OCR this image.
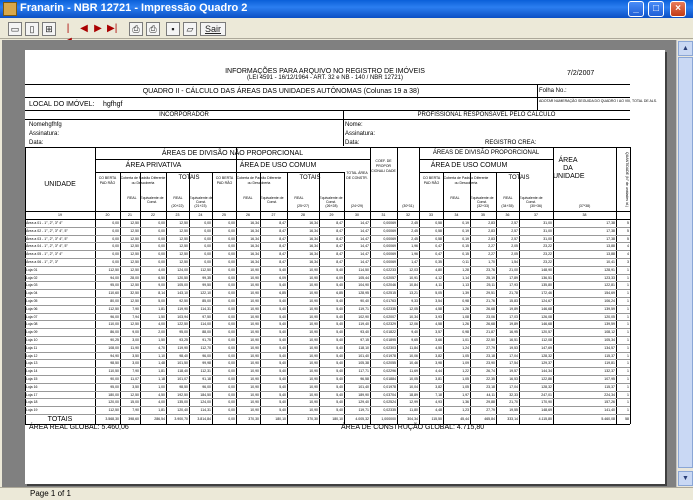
Franarin - NBR 12721 - Impressão Quadro 2	_	□	×
▭	▯	⊞	|	◀ ▶ ▶|	⎙	⎙	▪	▱	Sair
▲
▼
INFORMAÇÕES PARA ARQUIVO NO REGISTRO DE IMÓVEIS
(LEI 4591 - 16/12/1964 - ART. 32 e NB - 140 / NBR 12721)
7/2/2007
QUADRO II - CÁLCULO DAS ÁREAS DAS UNIDADES AUTÔNOMAS (Colunas 19 a 38)	Folha No.:
LOCAL DO IMÓVEL: hgfhgf	ADOTAR NUMERAÇÃO SEGUIDA DO QUADRO I AO VIII, TOTAL DE ALS.
INCORPORADOR	PROFISSIONAL RESPONSÁVEL PELO CÁLCULO
Nome:
hgfhfg
Assinatura:
Data:
Nome:
Assinatura:
Data:	REGISTRO CREA:
ÁREAS DE DIVISÃO NÃO PROPORCIONAL	ÁREAS DE DIVISÃO PROPORCIONAL
UNIDADE
ÁREA PRIVATIVA	ÁREA DE USO COMUM	ÁREA DE USO COMUM
CO BERTA PAD RÃO
Coberta de Padrão Diferente ou Descoberta
TOTAIS	CO BERTA PAD RÃO
Coberta de Padrão Diferente ou Descoberta
TOTAIS	CO BERTA PAD RÃO
Coberta de Padrão Diferente ou Descoberta
TOTAIS
REAL	Equivalente de Const.
REAL	Equivalente de Const.
REAL	Equivalente de Const.
REAL	Equivalente de Const.
REAL	Equivalente de Const.
REAL	Equivalente de Const.
TOTAL ÁREA DE CONSTR.
COEF. DE PROPOR CIONALI DADE
ÁREA DA UNIDADE	QUANTIDADE (N° de unidades id.)
19	20	21	22	23	24	25	26	27	28	29	30	31	32	33	34	35	36	37	38
(20+22)	(21+23)	(25+27)	(26+28)	(24+29)	(30*31)	(32+33)	(34+35)	(30+36)	(37*38)
Área a 01 - 1°, 2°, 3° 4°	0,00	12,50	0,00	12,50	0,00	0,00	16,34	8,47	16,34	8,47	14,47	0,00069	2,45	0,58	0,19	2,83	2,57	31,00	17,38	5
Área a 02 - 1°, 2°, 3° 4°, 5°	0,00	12,50	0,00	12,50	0,00	0,00	16,34	8,47	16,34	8,47	14,47	0,00069	2,45	0,58	0,19	2,83	2,57	31,00	17,38	5
Área a 03 - 1°, 2°, 3° 4°, 5°	0,00	12,50	0,00	12,50	0,00	0,00	16,34	8,47	16,34	8,47	14,47	0,00069	2,45	0,58	0,19	2,83	2,57	31,00	17,38	5
Área a 04 - 1°, 2°, 3° 4°, 5°	0,00	12,50	0,00	12,50	0,00	0,00	16,34	8,47	16,34	8,47	14,47	0,00069	1,96	0,47	0,15	2,27	2,05	23,22	13,88	4
Área a 05 - 1°, 2°, 3° 4°	0,00	12,50	0,00	12,50	0,00	0,00	16,34	8,47	16,34	8,47	14,47	0,00069	1,96	0,47	0,15	2,27	2,05	23,22	13,88	4
Área a 06 - 1°, 2°, 3°	0,00	12,50	0,00	12,50	0,00	0,00	16,34	8,47	16,34	8,47	14,47	0,00069	1,47	0,35	0,11	1,70	1,54	23,22	10,41	3
Loja 01	112,50	12,50	4,00	124,00	112,50	0,00	10,90	5,40	10,90	5,40	114,50	0,02233	12,03	4,80	1,28	23,76	21,00	148,90	128,91	1
Loja 02	94,00	28,00	6,50	120,50	99,35	0,00	10,90	6,09	10,90	6,09	105,44	0,02057	10,91	4,12	1,14	25,19	17,89	136,51	123,33	1
Loja 03	95,00	12,50	9,00	105,00	99,50	0,00	10,90	5,40	10,90	5,40	104,90	0,02046	10,84	4,11	1,13	25,11	17,93	135,80	122,81	1
Loja 04	110,60	32,50	8,14	143,10	122,10	0,00	10,90	6,85	10,90	6,85	128,95	0,02515	13,21	5,05	1,39	29,51	21,78	172,46	154,69	1
Loja 05	80,00	12,50	5,00	92,50	85,00	0,00	10,90	5,40	10,90	5,40	90,40	0,01763	9,33	3,54	0,98	21,76	15,83	124,67	106,24	1
Loja 06	112,50	7,90	1,81	119,90	114,31	0,00	10,90	5,40	10,90	5,40	119,71	0,02335	12,05	4,58	1,26	26,68	19,89	146,68	139,59	1
Loja 07	96,00	7,94	1,50	103,94	97,50	0,00	10,90	5,40	10,90	5,40	102,90	0,02007	10,34	3,93	1,08	23,06	17,03	126,08	120,05	1
Loja 08	110,00	12,50	4,00	122,50	114,00	0,00	10,90	5,40	10,90	5,40	119,40	0,02329	12,06	4,58	1,26	26,68	19,89	146,68	139,59	1
Loja 09	86,00	9,00	2,00	95,00	88,00	0,00	10,90	5,40	10,90	5,40	93,40	0,01822	9,40	3,57	0,98	21,87	16,95	120,57	108,12	1
Loja 10	90,25	3,00	1,50	93,25	91,75	0,00	10,90	5,40	10,90	5,40	97,15	0,01895	9,65	3,66	1,01	22,50	16,51	112,08	105,34	1
Loja 11	108,00	11,90	4,70	119,90	112,70	0,00	10,90	5,40	10,90	5,40	118,10	0,02303	11,84	4,50	1,24	27,79	19,53	147,69	134,57	1
Loja 12	94,90	3,50	1,10	98,40	96,00	0,00	10,90	5,40	10,90	5,40	101,40	0,01978	10,06	3,82	1,05	23,18	17,04	128,32	115,37	1
Loja 13	98,50	3,00	1,48	101,50	99,98	0,00	10,90	5,40	10,90	5,40	105,38	0,02055	10,46	3,98	1,09	23,90	17,54	129,37	119,81	1
Loja 14	110,50	7,90	1,81	118,40	112,31	0,00	10,90	5,40	10,90	5,40	117,71	0,02296	11,69	4,44	1,22	26,74	19,57	144,34	132,37	1
Loja 15	90,00	11,07	1,18	101,07	91,18	0,00	10,90	5,40	10,90	5,40	96,58	0,01884	10,05	3,81	1,05	22,35	16,53	122,86	107,95	1
Loja 16	95,00	3,50	1,00	98,50	96,00	0,00	10,90	5,40	10,90	5,40	101,40	0,01978	10,04	3,82	1,05	23,18	17,04	128,32	115,37	1
Loja 17	180,00	12,50	4,50	192,50	184,50	0,00	10,90	5,40	10,90	5,40	189,90	0,03704	18,89	7,18	1,97	44,11	32,33	247,01	224,34	1
Loja 18	120,00	15,00	4,00	135,00	124,00	0,00	10,90	5,40	10,90	5,40	129,40	0,02524	12,99	4,93	1,36	29,88	21,70	170,90	157,26	1
Loja 19	112,50	7,90	1,81	120,40	114,31	0,00	10,90	5,40	10,90	5,40	119,71	0,02335	11,80	4,48	1,23	27,79	19,55	148,69	141,40	1
TOTAIS	3.568,30	398,60	286,54	3.900,70	3.814,84	0,00	370,30	180,10	370,30	180,10	4.005,32	1,000000	304,34	115,50	45,44	465,84	333,14	4.115,80	5.460,08	58
ÁREA REAL GLOBAL: 5.460,06	ÁREA DE CONSTRUÇÃO GLOBAL: 4.715,80
Page 1 of 1
